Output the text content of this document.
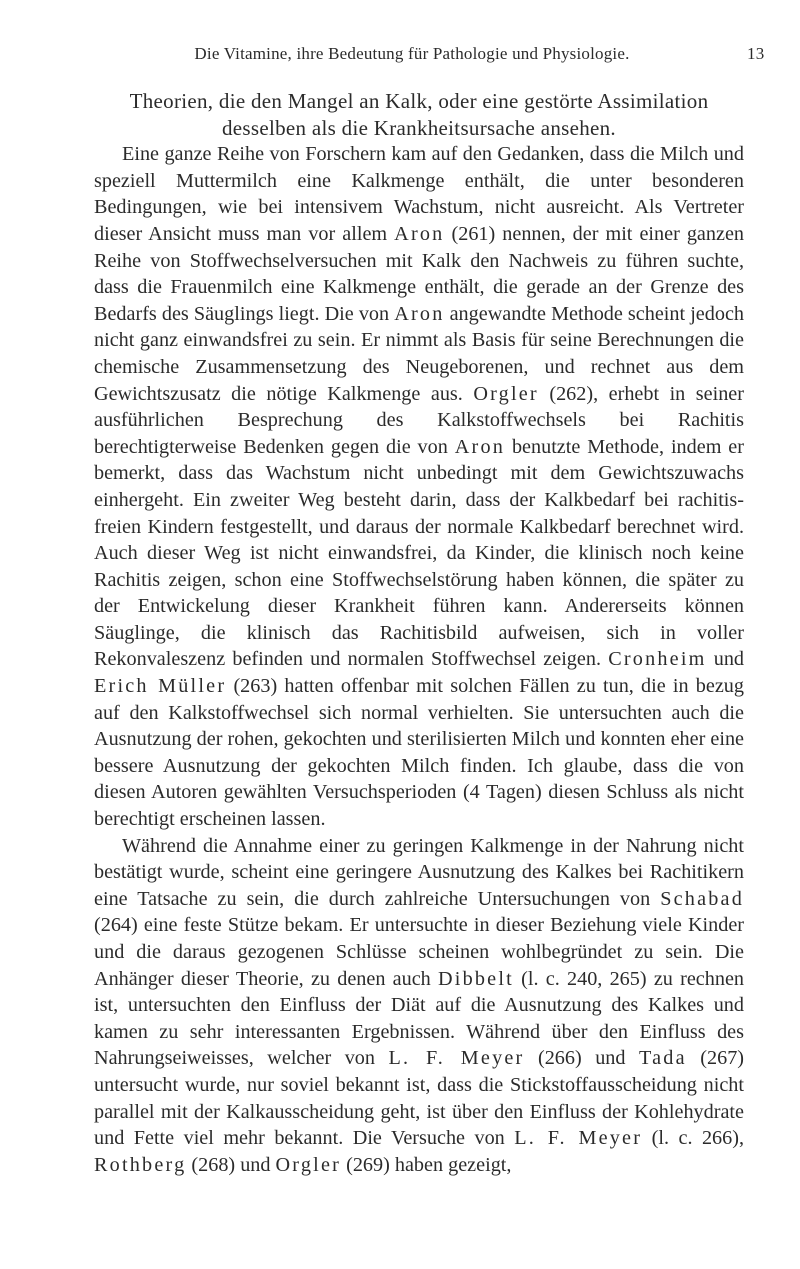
Die Vitamine, ihre Bedeutung für Pathologie und Physiologie.	13
Theorien, die den Mangel an Kalk, oder eine gestörte Assimilation
desselben als die Krankheitsursache ansehen.

Eine ganze Reihe von Forschern kam auf den Gedanken, dass die Milch und speziell Muttermilch eine Kalkmenge enthält, die unter besonderen Bedingungen, wie bei intensivem Wachstum, nicht ausreicht. Als Vertreter dieser Ansicht muss man vor allem Aron (261) nennen, der mit einer ganzen Reihe von Stoffwechselversuchen mit Kalk den Nachweis zu führen suchte, dass die Frauenmilch eine Kalkmenge enthält, die gerade an der Grenze des Bedarfs des Säuglings liegt. Die von Aron angewandte Methode scheint jedoch nicht ganz einwandsfrei zu sein. Er nimmt als Basis für seine Berechnungen die chemische Zusammensetzung des Neugeborenen, und rechnet aus dem Gewichtszusatz die nötige Kalkmenge aus. Orgler (262), erhebt in seiner ausführlichen Besprechung des Kalkstoffwechsels bei Rachitis berechtigterweise Bedenken gegen die von Aron benutzte Methode, indem er bemerkt, dass das Wachstum nicht unbedingt mit dem Gewichtszuwachs einhergeht. Ein zweiter Weg besteht darin, dass der Kalkbedarf bei rachitisfreien Kindern festgestellt, und daraus der normale Kalkbedarf berechnet wird. Auch dieser Weg ist nicht einwandsfrei, da Kinder, die klinisch noch keine Rachitis zeigen, schon eine Stoffwechselstörung haben können, die später zu der Entwickelung dieser Krankheit führen kann. Andererseits können Säuglinge, die klinisch das Rachitisbild aufweisen, sich in voller Rekonvaleszenz befinden und normalen Stoffwechsel zeigen. Cronheim und Erich Müller (263) hatten offenbar mit solchen Fällen zu tun, die in bezug auf den Kalkstoffwechsel sich normal verhielten. Sie untersuchten auch die Ausnutzung der rohen, gekochten und sterilisierten Milch und konnten eher eine bessere Ausnutzung der gekochten Milch finden. Ich glaube, dass die von diesen Autoren gewählten Versuchsperioden (4 Tagen) diesen Schluss als nicht berechtigt erscheinen lassen.

Während die Annahme einer zu geringen Kalkmenge in der Nahrung nicht bestätigt wurde, scheint eine geringere Ausnutzung des Kalkes bei Rachitikern eine Tatsache zu sein, die durch zahlreiche Untersuchungen von Schabad (264) eine feste Stütze bekam. Er untersuchte in dieser Beziehung viele Kinder und die daraus gezogenen Schlüsse scheinen wohlbegründet zu sein. Die Anhänger dieser Theorie, zu denen auch Dibbelt (l. c. 240, 265) zu rechnen ist, untersuchten den Einfluss der Diät auf die Ausnutzung des Kalkes und kamen zu sehr interessanten Ergebnissen. Während über den Einfluss des Nahrungseiweisses, welcher von L. F. Meyer (266) und Tada (267) untersucht wurde, nur soviel bekannt ist, dass die Stickstoffausscheidung nicht parallel mit der Kalkausscheidung geht, ist über den Einfluss der Kohlehydrate und Fette viel mehr bekannt. Die Versuche von L. F. Meyer (l. c. 266), Rothberg (268) und Orgler (269) haben gezeigt,
